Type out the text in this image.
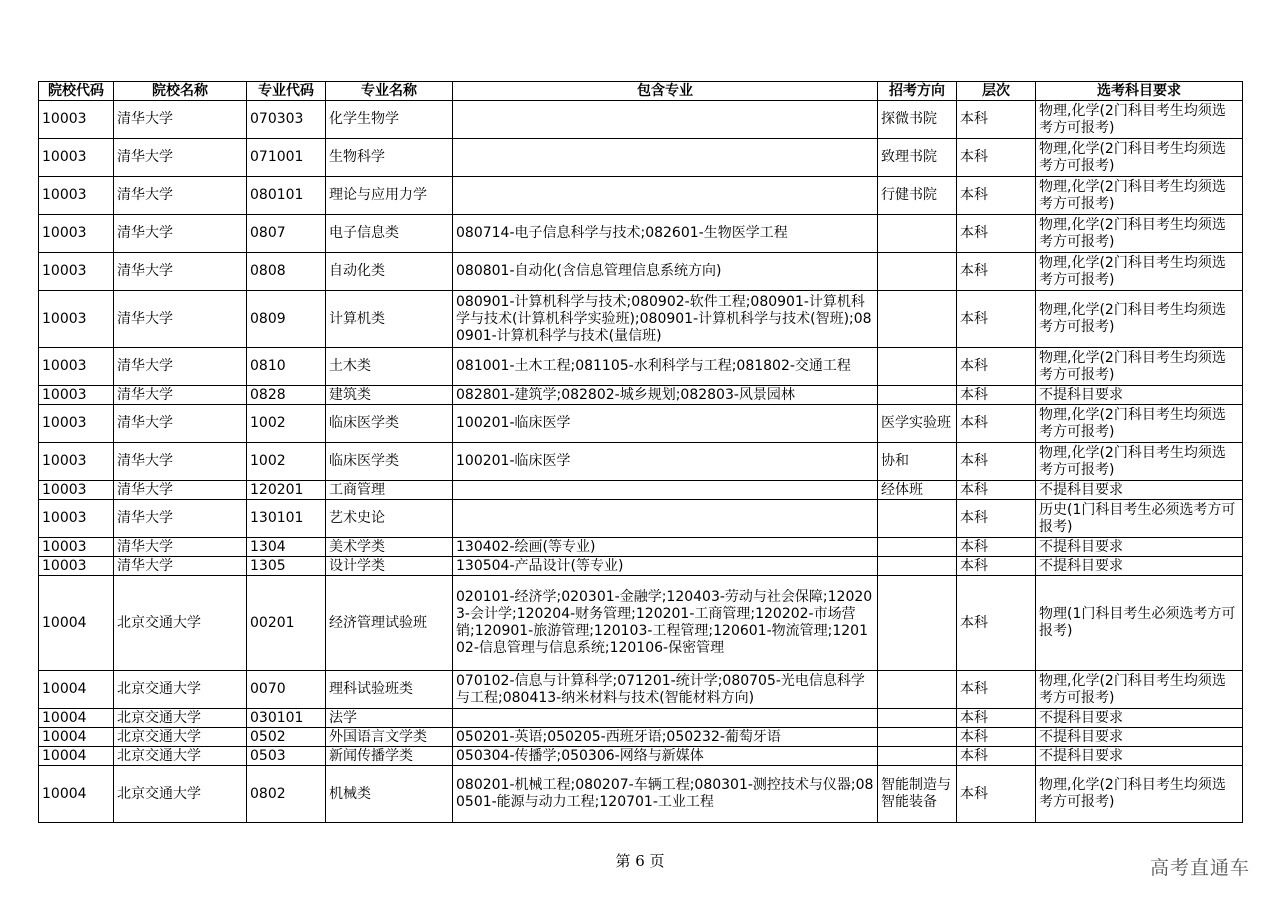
院校代码	院校名称	专业代码	专业名称	包含专业	招考方向	层次	选考科目要求
10003	清华大学	070303	化学生物学		探微书院	本科	物理,化学(2门科目考生均须选考方可报考)
10003	清华大学	071001	生物科学		致理书院	本科	物理,化学(2门科目考生均须选考方可报考)
10003	清华大学	080101	理论与应用力学		行健书院	本科	物理,化学(2门科目考生均须选考方可报考)
10003	清华大学	0807	电子信息类	080714-电子信息科学与技术;082601-生物医学工程		本科	物理,化学(2门科目考生均须选考方可报考)
10003	清华大学	0808	自动化类	080801-自动化(含信息管理信息系统方向)		本科	物理,化学(2门科目考生均须选考方可报考)
10003	清华大学	0809	计算机类	080901-计算机科学与技术;080902-软件工程;080901-计算机科学与技术(计算机科学实验班);080901-计算机科学与技术(智班);080901-计算机科学与技术(量信班)		本科	物理,化学(2门科目考生均须选考方可报考)
10003	清华大学	0810	土木类	081001-土木工程;081105-水利科学与工程;081802-交通工程		本科	物理,化学(2门科目考生均须选考方可报考)
10003	清华大学	0828	建筑类	082801-建筑学;082802-城乡规划;082803-风景园林		本科	不提科目要求
10003	清华大学	1002	临床医学类	100201-临床医学	医学实验班	本科	物理,化学(2门科目考生均须选考方可报考)
10003	清华大学	1002	临床医学类	100201-临床医学	协和	本科	物理,化学(2门科目考生均须选考方可报考)
10003	清华大学	120201	工商管理		经体班	本科	不提科目要求
10003	清华大学	130101	艺术史论			本科	历史(1门科目考生必须选考方可报考)
10003	清华大学	1304	美术学类	130402-绘画(等专业)		本科	不提科目要求
10003	清华大学	1305	设计学类	130504-产品设计(等专业)		本科	不提科目要求
10004	北京交通大学	00201	经济管理试验班	020101-经济学;020301-金融学;120403-劳动与社会保障;120203-会计学;120204-财务管理;120201-工商管理;120202-市场营销;120901-旅游管理;120103-工程管理;120601-物流管理;120102-信息管理与信息系统;120106-保密管理		本科	物理(1门科目考生必须选考方可报考)
10004	北京交通大学	0070	理科试验班类	070102-信息与计算科学;071201-统计学;080705-光电信息科学与工程;080413-纳米材料与技术(智能材料方向)		本科	物理,化学(2门科目考生均须选考方可报考)
10004	北京交通大学	030101	法学			本科	不提科目要求
10004	北京交通大学	0502	外国语言文学类	050201-英语;050205-西班牙语;050232-葡萄牙语		本科	不提科目要求
10004	北京交通大学	0503	新闻传播学类	050304-传播学;050306-网络与新媒体		本科	不提科目要求
10004	北京交通大学	0802	机械类	080201-机械工程;080207-车辆工程;080301-测控技术与仪器;080501-能源与动力工程;120701-工业工程	智能制造与智能装备	本科	物理,化学(2门科目考生均须选考方可报考)
第 6 页	高考直通车
